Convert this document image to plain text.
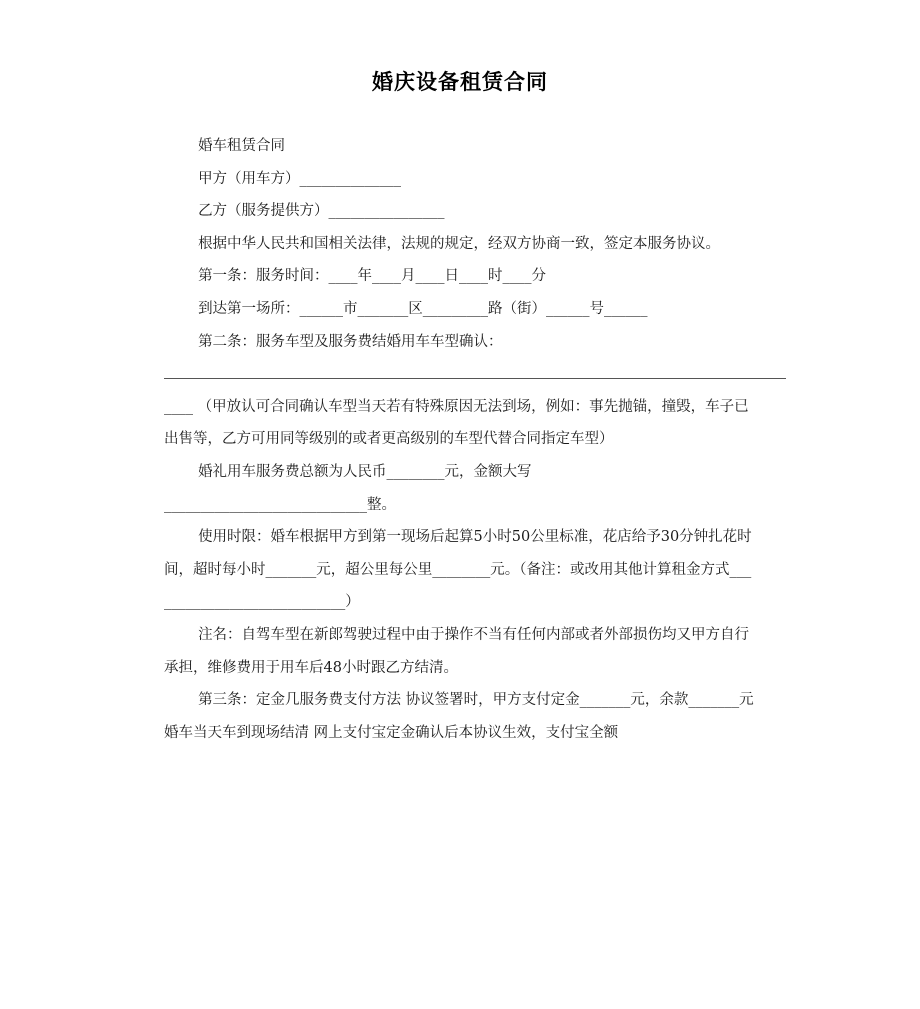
婚庆设备租赁合同

婚车租赁合同

甲方（用车方）______________

乙方（服务提供方）________________

根据中华人民共和国相关法律，法规的规定，经双方协商一致，签定本服务协议。

第一条：服务时间：____年____月____日____时____分

到达第一场所：______市_______区_________路（街）______号______

第二条：服务车型及服务费结婚用车车型确认：

____ （甲放认可合同确认车型当天若有特殊原因无法到场，例如：事先抛锚，撞毁，车子已出售等，乙方可用同等级别的或者更高级别的车型代替合同指定车型）

婚礼用车服务费总额为人民币________元，金额大写

____________________________整。

使用时限：婚车根据甲方到第一现场后起算5小时50公里标准，花店给予30分钟扎花时间，超时每小时_______元，超公里每公里________元。（备注：或改用其他计算租金方式____________________________）

注名：自驾车型在新郎驾驶过程中由于操作不当有任何内部或者外部损伤均又甲方自行承担，维修费用于用车后48小时跟乙方结清。

第三条：定金几服务费支付方法 协议签署时，甲方支付定金_______元，余款_______元婚车当天车到现场结清 网上支付宝定金确认后本协议生效，支付宝全额
